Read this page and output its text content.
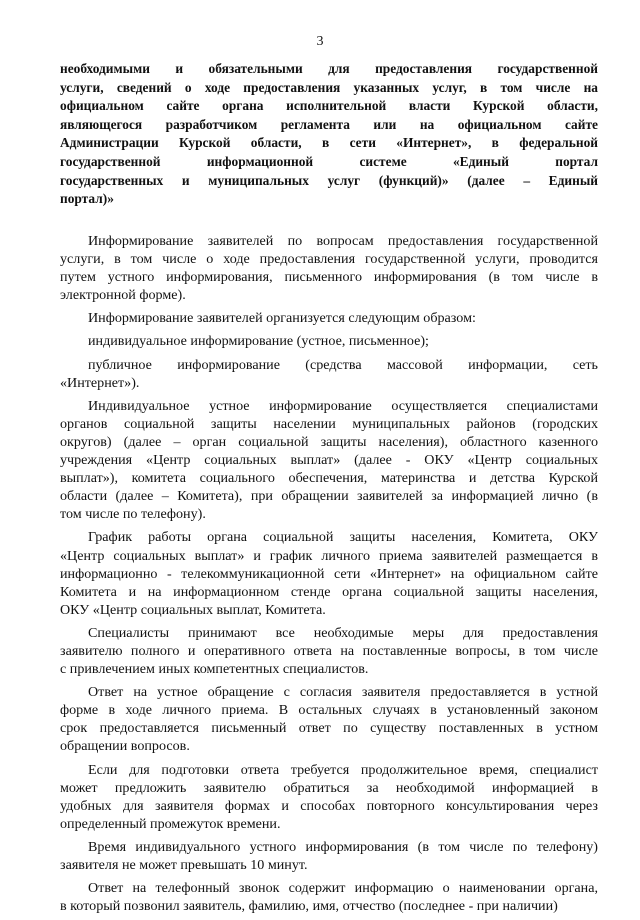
3
необходимыми и обязательными для предоставления государственной
услуги, сведений о ходе предоставления указанных услуг, в том числе на
официальном сайте органа исполнительной власти Курской области,
являющегося разработчиком регламента или на официальном сайте
Администрации Курской области, в сети «Интернет», в федеральной
государственной информационной системе «Единый портал
государственных и муниципальных услуг (функций)» (далее – Единый
портал)»
Информирование заявителей по вопросам предоставления государственной
услуги, в том числе о ходе предоставления государственной услуги, проводится
путем устного информирования, письменного информирования (в том числе в
электронной форме).
Информирование заявителей организуется следующим образом:
индивидуальное информирование (устное, письменное);
публичное информирование (средства массовой информации, сеть
«Интернет»).
Индивидуальное устное информирование осуществляется специалистами
органов социальной защиты населении муниципальных районов (городских
округов) (далее – орган социальной защиты населения), областного казенного
учреждения «Центр социальных выплат» (далее - ОКУ «Центр социальных
выплат»), комитета социального обеспечения, материнства и детства Курской
области (далее – Комитета), при обращении заявителей за информацией лично (в
том числе по телефону).
График работы органа социальной защиты населения, Комитета, ОКУ
«Центр социальных выплат» и график личного приема заявителей размещается в
информационно - телекоммуникационной сети «Интернет» на официальном сайте
Комитета и на информационном стенде органа социальной защиты населения,
ОКУ «Центр социальных выплат, Комитета.
Специалисты принимают все необходимые меры для предоставления
заявителю полного и оперативного ответа на поставленные вопросы, в том числе
с привлечением иных компетентных специалистов.
Ответ на устное обращение с согласия заявителя предоставляется в устной
форме в ходе личного приема. В остальных случаях в установленный законом
срок предоставляется письменный ответ по существу поставленных в устном
обращении вопросов.
Если для подготовки ответа требуется продолжительное время, специалист
может предложить заявителю обратиться за необходимой информацией в
удобных для заявителя формах и способах повторного консультирования через
определенный промежуток времени.
Время индивидуального устного информирования (в том числе по телефону)
заявителя не может превышать 10 минут.
Ответ на телефонный звонок содержит информацию о наименовании органа,
в который позвонил заявитель, фамилию, имя, отчество (последнее - при наличии)
